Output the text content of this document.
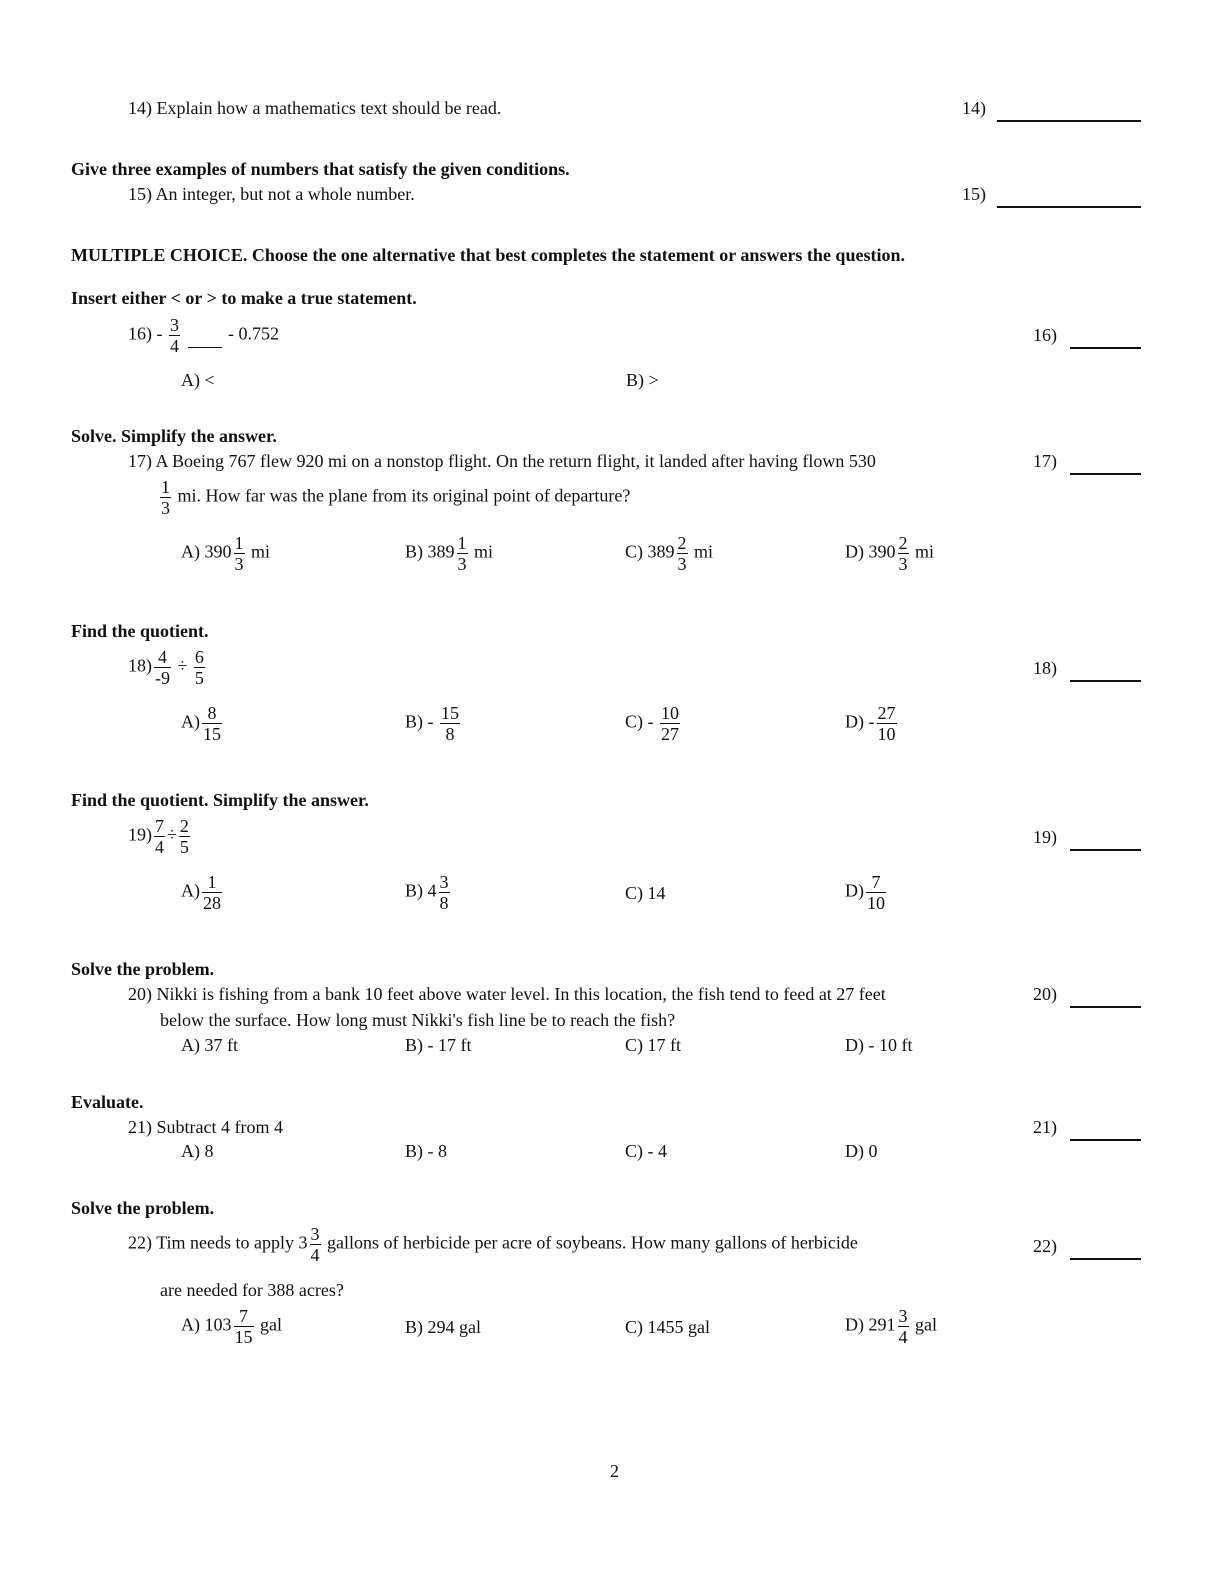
14) Explain how a mathematics text should be read.	14)
Give three examples of numbers that satisfy the given conditions.
15) An integer, but not a whole number.	15)
MULTIPLE CHOICE. Choose the one alternative that best completes the statement or answers the question.
Insert either < or > to make a true statement.
$16) - \frac{3}{4}$	- 0.752	16)
A) <	B) >
Solve. Simplify the answer.
17) A Boeing 767 flew 920 mi on a nonstop flight. On the return flight, it landed after having flown 530
$\frac{1}{3}$ mi. How far was the plane from its original point of departure?
17)
A) $390 \frac{1}{3}$ mi	B) $389 \frac{1}{3}$ mi	C) $389 \frac{2}{3}$ mi	D) $390 \frac{2}{3}$ mi
Find the quotient.
$18) \frac{4}{-9} \div \frac{6}{5}$	18)
$A) \frac{8}{15}$	$B) - \frac{15}{8}$	$C) - \frac{10}{27}$	$D) - \frac{27}{10}$
Find the quotient. Simplify the answer.
$19) \frac{7}{4} \div \frac{2}{5}$	19)
$A) \frac{1}{28}$	B) $4 \frac{3}{8}$	C) 14	$D) \frac{7}{10}$
Solve the problem.
20) Nikki is fishing from a bank 10 feet above water level. In this location, the fish tend to feed at 27 feet
below the surface. How long must Nikki's fish line be to reach the fish?
20)
A) 37 ft	B) - 17 ft	C) 17 ft	D) - 10 ft
Evaluate.
21) Subtract 4 from 4	21)
A) 8	B) - 8	C) - 4	D) 0
Solve the problem.
22) Tim needs to apply $3 \frac{3}{4}$ gallons of herbicide per acre of soybeans. How many gallons of herbicide
are needed for 388 acres?
22)
A) $103 \frac{7}{15}$ gal	B) 294 gal	C) 1455 gal	D) $291 \frac{3}{4}$ gal
2
